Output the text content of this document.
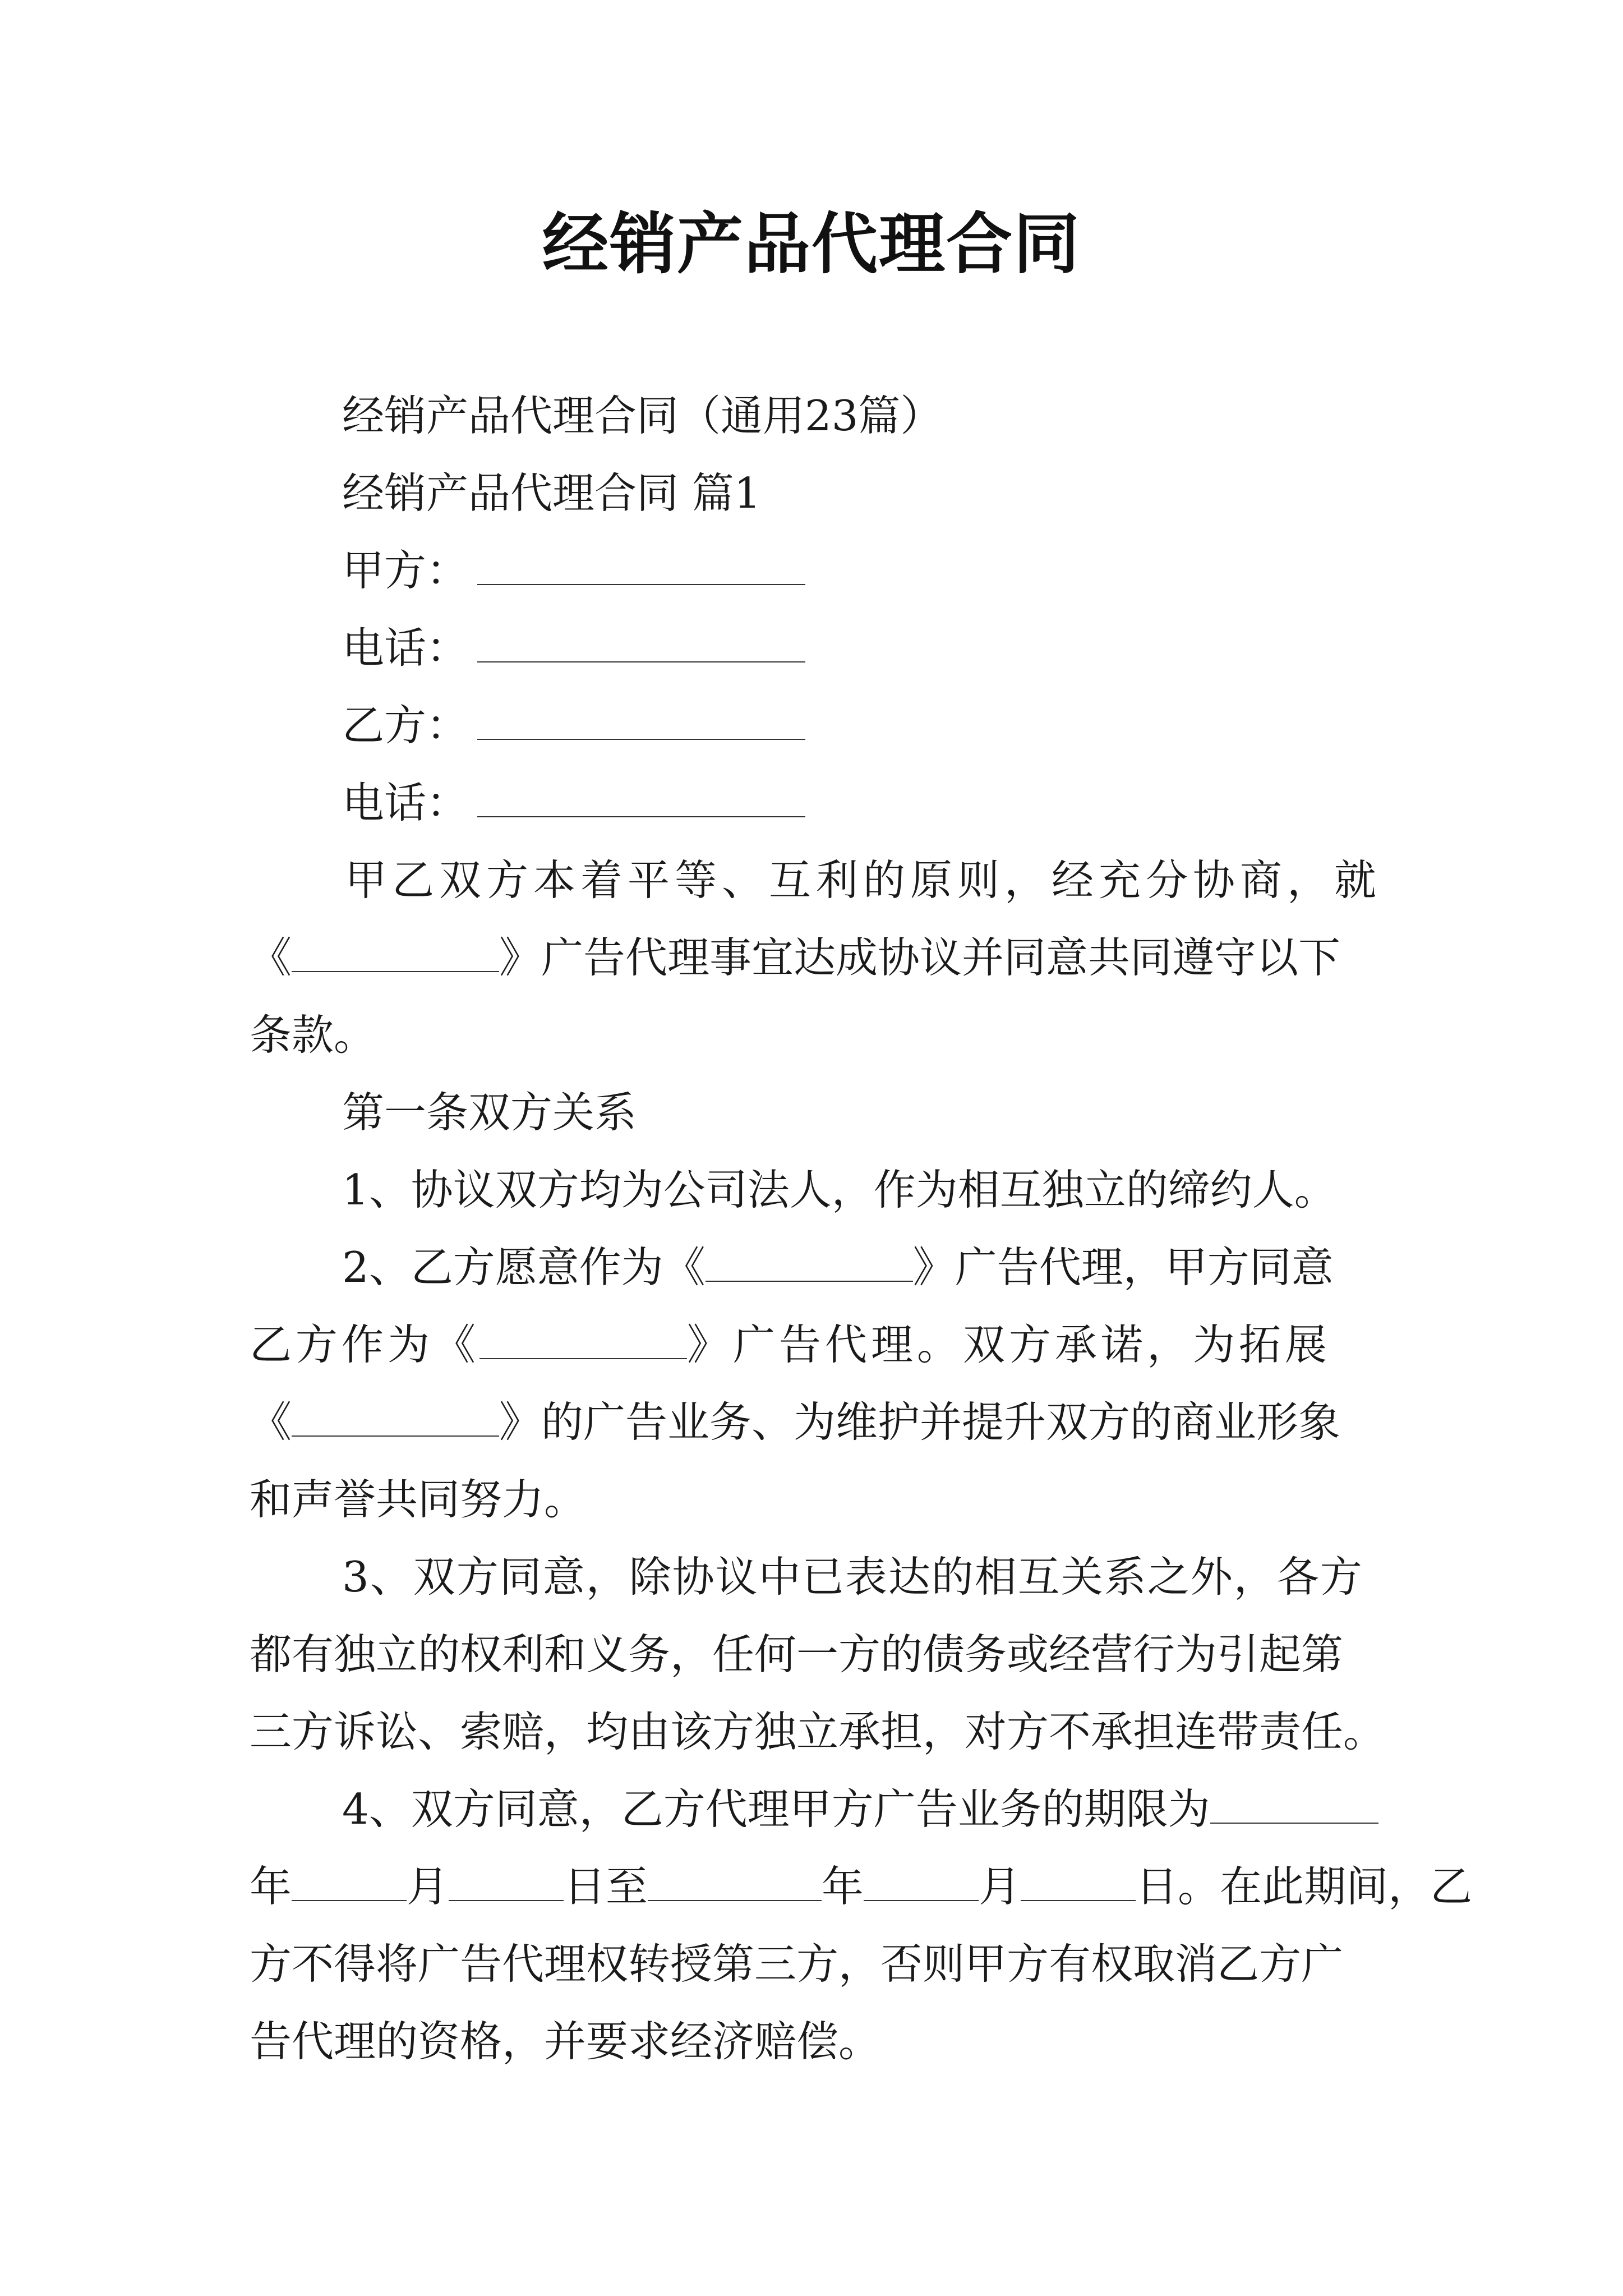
经销产品代理合同
经销产品代理合同（通用23篇）
经销产品代理合同 篇1
甲方：
电话：
乙方：
电话：
甲乙双方本着平等、互利的原则，经充分协商，就
《	》广告代理事宜达成协议并同意共同遵守以下
条款。
第一条双方关系
1、协议双方均为公司法人，作为相互独立的缔约人。
2、乙方愿意作为《	》广告代理，甲方同意
乙方作为《	》广告代理。双方承诺，为拓展
《	》的广告业务、为维护并提升双方的商业形象
和声誉共同努力。
3、双方同意，除协议中已表达的相互关系之外，各方
都有独立的权利和义务，任何一方的债务或经营行为引起第
三方诉讼、索赔，均由该方独立承担，对方不承担连带责任。
4、双方同意，乙方代理甲方广告业务的期限为
年	月	日至	年	月	日。在此期间，乙
方不得将广告代理权转授第三方，否则甲方有权取消乙方广
告代理的资格，并要求经济赔偿。
